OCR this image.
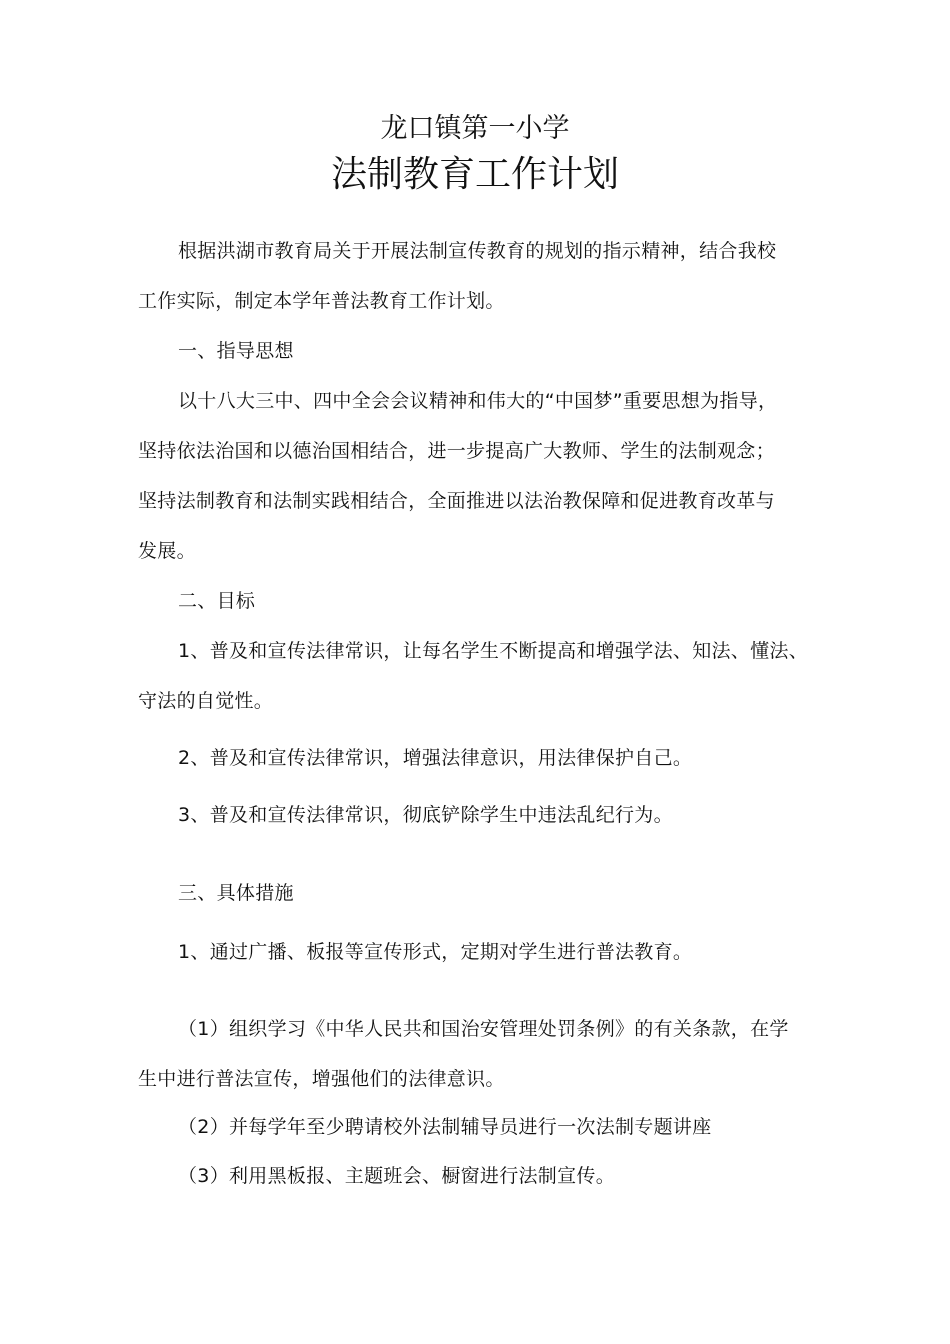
龙口镇第一小学

法制教育工作计划

根据洪湖市教育局关于开展法制宣传教育的规划的指示精神，结合我校

工作实际，制定本学年普法教育工作计划。

一、指导思想

以十八大三中、四中全会会议精神和伟大的“中国梦”重要思想为指导，

坚持依法治国和以德治国相结合，进一步提高广大教师、学生的法制观念；

坚持法制教育和法制实践相结合，全面推进以法治教保障和促进教育改革与

发展。

二、目标

1、普及和宣传法律常识，让每名学生不断提高和增强学法、知法、懂法、

守法的自觉性。

2、普及和宣传法律常识，增强法律意识，用法律保护自己。

3、普及和宣传法律常识，彻底铲除学生中违法乱纪行为。

三、具体措施

1、通过广播、板报等宣传形式，定期对学生进行普法教育。

（1）组织学习《中华人民共和国治安管理处罚条例》的有关条款，在学

生中进行普法宣传，增强他们的法律意识。

（2）并每学年至少聘请校外法制辅导员进行一次法制专题讲座

（3）利用黑板报、主题班会、橱窗进行法制宣传。
